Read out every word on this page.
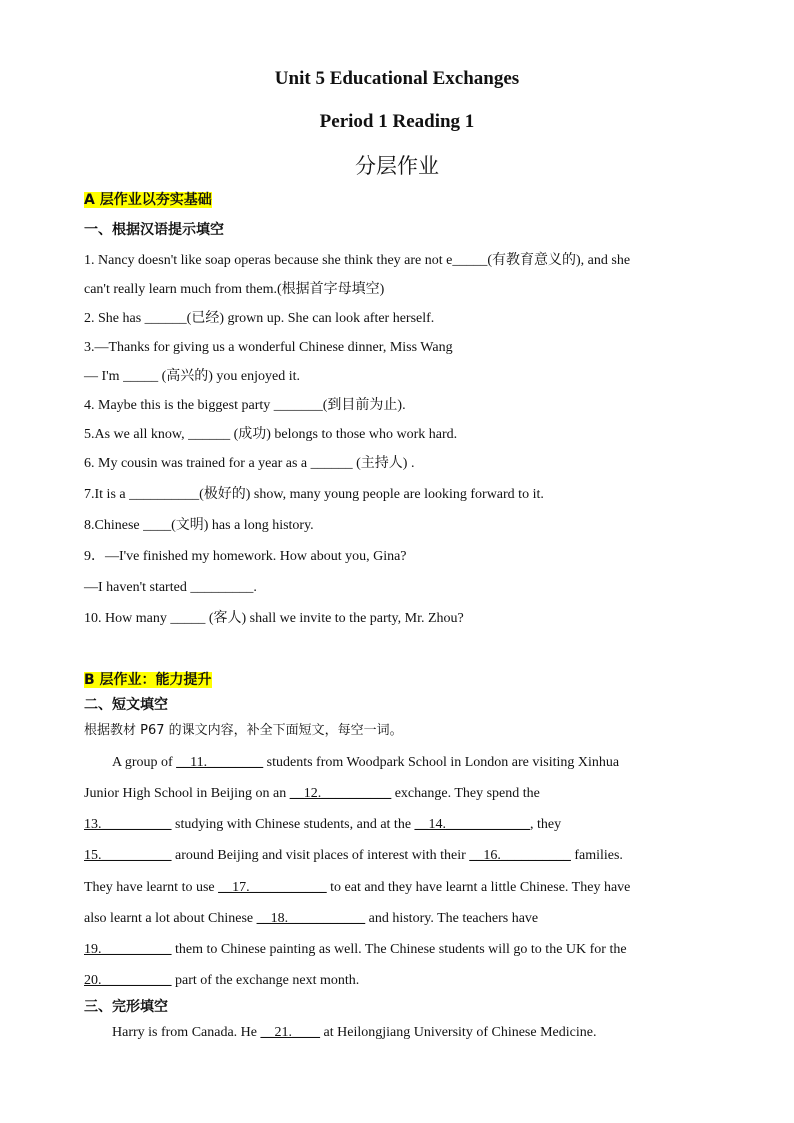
Unit 5 Educational Exchanges
Period 1 Reading 1
分层作业
A 层作业以夯实基础
一、根据汉语提示填空
1. Nancy doesn't like soap operas because she think they are not e_____(有教育意义的), and she
can't really learn much from them.(根据首字母填空)
2. She has ______(已经) grown up. She can look after herself.
3.—Thanks for giving us a wonderful Chinese dinner, Miss Wang
— I'm _____ (高兴的) you enjoyed it.
4. Maybe this is the biggest party _______(到目前为止).
5.As we all know, ______ (成功) belongs to those who work hard.
6. My cousin was trained for a year as a ______ (主持人) .
7.It is a __________(极好的) show, many young people are looking forward to it.
8.Chinese ____(文明) has a long history.
9．—I've finished my homework. How about you, Gina?
—I haven't started _________.
10. How many _____ (客人) shall we invite to the party, Mr. Zhou?
B 层作业：能力提升
二、短文填空
根据教材 P67 的课文内容，补全下面短文，每空一词。
A group of __11.________ students from Woodpark School in London are visiting Xinhua
Junior High School in Beijing on an __12.__________ exchange. They spend the
13.__________ studying with Chinese students, and at the __14.____________, they
15.__________ around Beijing and visit places of interest with their __16.__________ families.
They have learnt to use __17.___________ to eat and they have learnt a little Chinese. They have
also learnt a lot about Chinese __18.___________ and history. The teachers have
19.__________ them to Chinese painting as well. The Chinese students will go to the UK for the
20.__________ part of the exchange next month.
三、完形填空
Harry is from Canada. He __21.____ at Heilongjiang University of Chinese Medicine.
